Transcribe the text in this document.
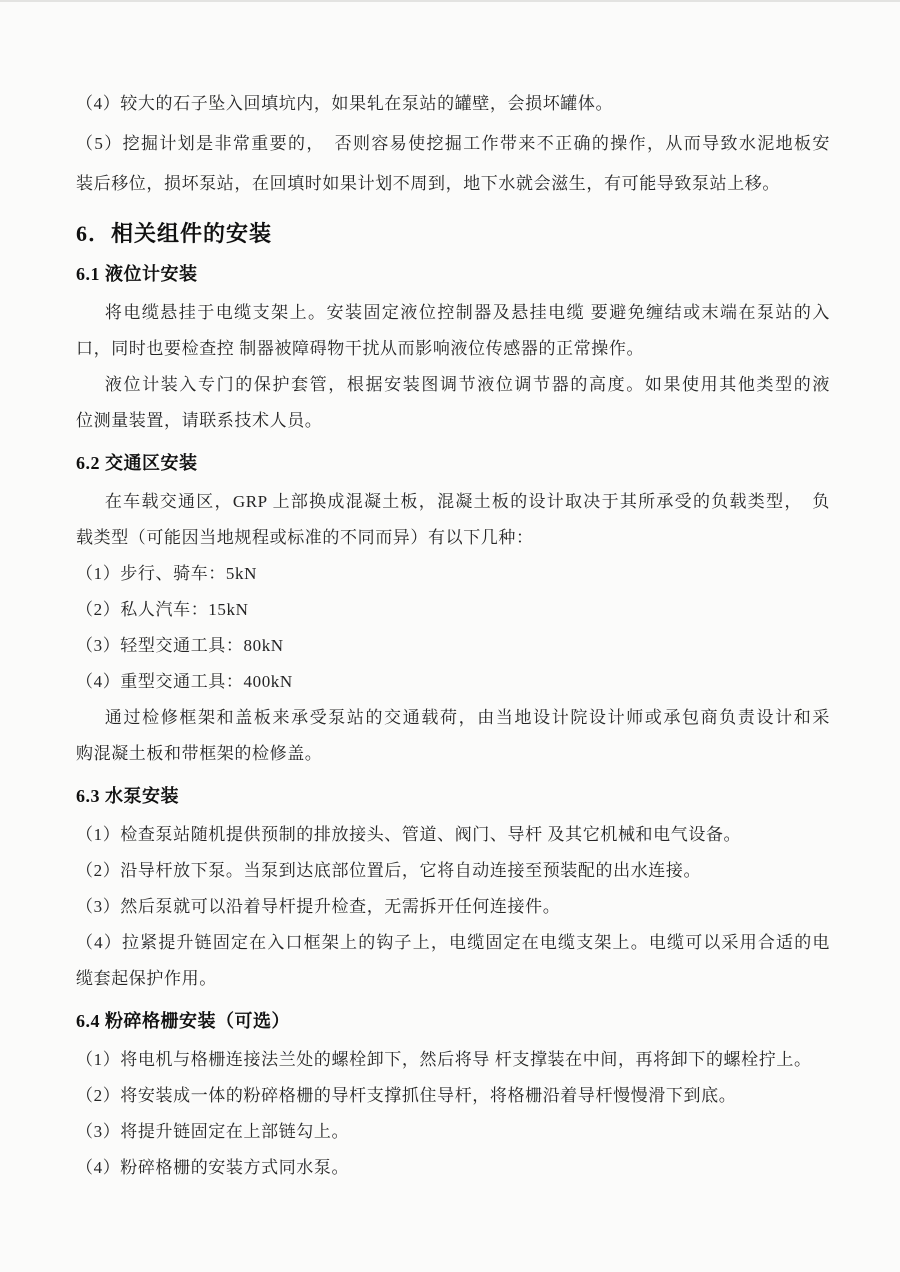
（4）较大的石子坠入回填坑内，如果轧在泵站的罐壁，会损坏罐体。

（5）挖掘计划是非常重要的，　否则容易使挖掘工作带来不正确的操作，从而导致水泥地板安

装后移位，损坏泵站，在回填时如果计划不周到，地下水就会滋生，有可能导致泵站上移。

6．相关组件的安装
6.1 液位计安装

将电缆悬挂于电缆支架上。安装固定液位控制器及悬挂电缆 要避免缠结或末端在泵站的入

口，同时也要检查控 制器被障碍物干扰从而影响液位传感器的正常操作。

液位计装入专门的保护套管，根据安装图调节液位调节器的高度。如果使用其他类型的液

位测量装置，请联系技术人员。

6.2 交通区安装

在车载交通区，GRP 上部换成混凝土板，混凝土板的设计取决于其所承受的负载类型，　负

载类型（可能因当地规程或标准的不同而异）有以下几种：

（1）步行、骑车：5kN

（2）私人汽车：15kN

（3）轻型交通工具：80kN

（4）重型交通工具：400kN

通过检修框架和盖板来承受泵站的交通载荷，由当地设计院设计师或承包商负责设计和采

购混凝土板和带框架的检修盖。

6.3 水泵安装

（1）检查泵站随机提供预制的排放接头、管道、阀门、导杆 及其它机械和电气设备。

（2）沿导杆放下泵。当泵到达底部位置后，它将自动连接至预装配的出水连接。

（3）然后泵就可以沿着导杆提升检查，无需拆开任何连接件。

（4）拉紧提升链固定在入口框架上的钩子上，电缆固定在电缆支架上。电缆可以采用合适的电

缆套起保护作用。

6.4 粉碎格栅安装（可选）

（1）将电机与格栅连接法兰处的螺栓卸下，然后将导 杆支撑装在中间，再将卸下的螺栓拧上。

（2）将安装成一体的粉碎格栅的导杆支撑抓住导杆，将格栅沿着导杆慢慢滑下到底。

（3）将提升链固定在上部链勾上。

（4）粉碎格栅的安装方式同水泵。
